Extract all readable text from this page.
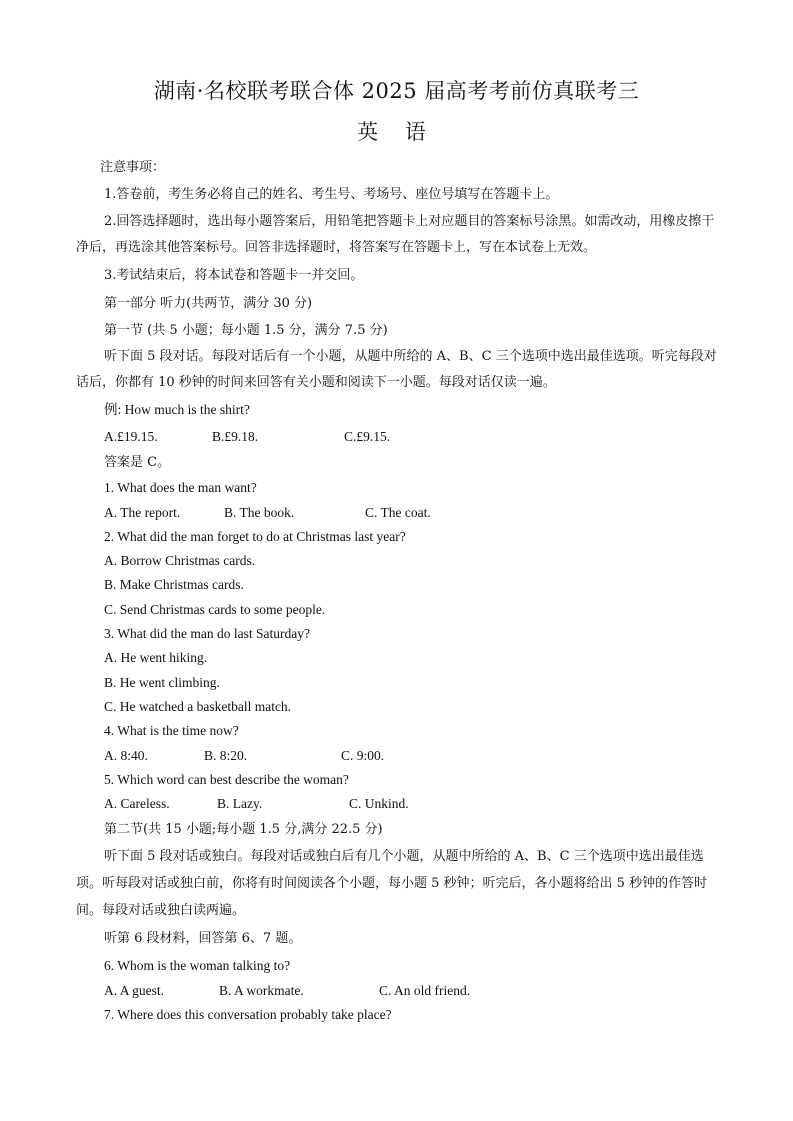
湖南·名校联考联合体 2025 届高考考前仿真联考三
英 语
注意事项：
1.答卷前，考生务必将自己的姓名、考生号、考场号、座位号填写在答题卡上。
2.回答选择题时，选出每小题答案后，用铅笔把答题卡上对应题目的答案标号涂黑。如需改动，用橡皮擦干净后，再选涂其他答案标号。回答非选择题时，将答案写在答题卡上，写在本试卷上无效。
3.考试结束后，将本试卷和答题卡一并交回。
第一部分 听力(共两节，满分 30 分)
第一节 (共 5 小题；每小题 1.5 分，满分 7.5 分)
听下面 5 段对话。每段对话后有一个小题，从题中所给的 A、B、C 三个选项中选出最佳选项。听完每段对话后，你都有 10 秒钟的时间来回答有关小题和阅读下一小题。每段对话仅读一遍。
例: How much is the shirt?
A.£19.15.	B.£9.18.	C.£9.15.
答案是 C。
1. What does the man want?
A. The report.	B. The book.	C. The coat.
2. What did the man forget to do at Christmas last year?
A. Borrow Christmas cards.
B. Make Christmas cards.
C. Send Christmas cards to some people.
3. What did the man do last Saturday?
A. He went hiking.
B. He went climbing.
C. He watched a basketball match.
4. What is the time now?
A. 8:40.	B. 8:20.	C. 9:00.
5. Which word can best describe the woman?
A. Careless.	B. Lazy.	C. Unkind.
第二节(共 15 小题;每小题 1.5 分,满分 22.5 分)
听下面 5 段对话或独白。每段对话或独白后有几个小题，从题中所给的 A、B、C 三个选项中选出最佳选项。听每段对话或独白前，你将有时间阅读各个小题，每小题 5 秒钟；听完后，各小题将给出 5 秒钟的作答时间。每段对话或独白读两遍。
听第 6 段材料，回答第 6、7 题。
6. Whom is the woman talking to?
A. A guest.	B. A workmate.	C. An old friend.
7. Where does this conversation probably take place?
